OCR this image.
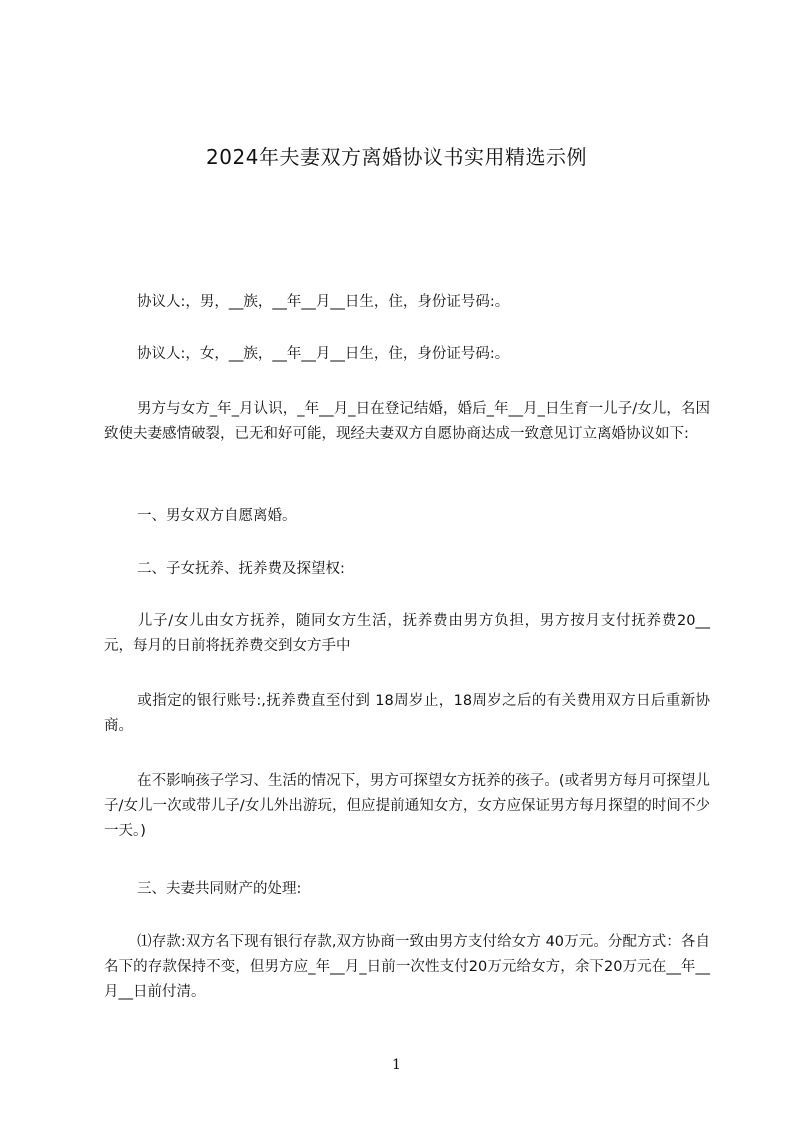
2024年夫妻双方离婚协议书实用精选示例
协议人:，男，__族，__年__月__日生，住，身份证号码:。
协议人:，女，__族，__年__月__日生，住，身份证号码:。
男方与女方_年_月认识，_年__月_日在登记结婚，婚后_年__月_日生育一儿子/女儿，名因致使夫妻感情破裂，已无和好可能，现经夫妻双方自愿协商达成一致意见订立离婚协议如下:
一、男女双方自愿离婚。
二、子女抚养、抚养费及探望权:
儿子/女儿由女方抚养，随同女方生活，抚养费由男方负担，男方按月支付抚养费20__元，每月的日前将抚养费交到女方手中
或指定的银行账号:,抚养费直至付到 18周岁止，18周岁之后的有关费用双方日后重新协商。
在不影响孩子学习、生活的情况下，男方可探望女方抚养的孩子。(或者男方每月可探望儿子/女儿一次或带儿子/女儿外出游玩，但应提前通知女方，女方应保证男方每月探望的时间不少一天。)
三、夫妻共同财产的处理:
⑴存款:双方名下现有银行存款,双方协商一致由男方支付给女方 40万元。分配方式：各自名下的存款保持不变，但男方应_年__月_日前一次性支付20万元给女方，余下20万元在__年__月__日前付清。
1
